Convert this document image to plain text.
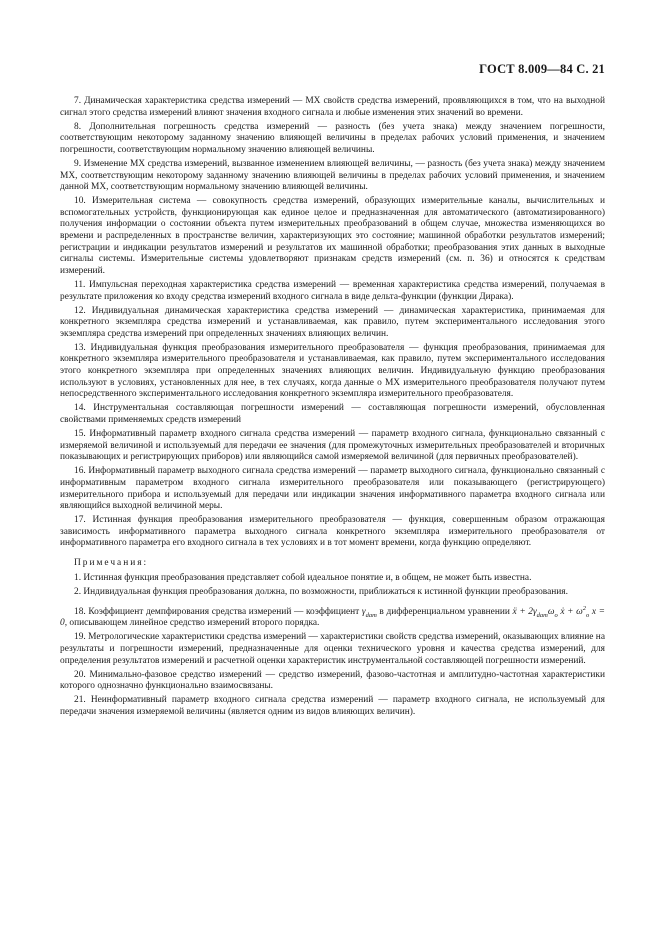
ГОСТ 8.009—84 С. 21

7. Динамическая характеристика средства измерений — МХ свойств средства измерений, проявляющихся в том, что на выходной сигнал этого средства измерений влияют значения входного сигнала и любые изменения этих значений во времени.

8. Дополнительная погрешность средства измерений — разность (без учета знака) между значением погрешности, соответствующим некоторому заданному значению влияющей величины в пределах рабочих условий применения, и значением погрешности, соответствующим нормальному значению влияющей величины.

9. Изменение МХ средства измерений, вызванное изменением влияющей величины, — разность (без учета знака) между значением МХ, соответствующим некоторому заданному значению влияющей величины в пределах рабочих условий применения, и значением данной МХ, соответствующим нормальному значению влияющей величины.

10. Измерительная система — совокупность средства измерений, образующих измерительные каналы, вычислительных и вспомогательных устройств, функционирующая как единое целое и предназначенная для автоматического (автоматизированного) получения информации о состоянии объекта путем измерительных преобразований в общем случае, множества изменяющихся во времени и распределенных в пространстве величин, характеризующих это состояние; машинной обработки результатов измерений; регистрации и индикации результатов измерений и результатов их машинной обработки; преобразования этих данных в выходные сигналы системы. Измерительные системы удовлетворяют признакам средств измерений (см. п. 36) и относятся к средствам измерений.

11. Импульсная переходная характеристика средства измерений — временная характеристика средства измерений, получаемая в результате приложения ко входу средства измерений входного сигнала в виде дельта-функции (функции Дирака).

12. Индивидуальная динамическая характеристика средства измерений — динамическая характеристика, принимаемая для конкретного экземпляра средства измерений и устанавливаемая, как правило, путем экспериментального исследования этого экземпляра средства измерений при определенных значениях влияющих величин.

13. Индивидуальная функция преобразования измерительного преобразователя — функция преобразования, принимаемая для конкретного экземпляра измерительного преобразователя и устанавливаемая, как правило, путем экспериментального исследования этого конкретного экземпляра при определенных значениях влияющих величин. Индивидуальную функцию преобразования используют в условиях, установленных для нее, в тех случаях, когда данные о МХ измерительного преобразователя получают путем непосредственного экспериментального исследования конкретного экземпляра измерительного преобразователя.

14. Инструментальная составляющая погрешности измерений — составляющая погрешности измерений, обусловленная свойствами применяемых средств измерений

15. Информативный параметр входного сигнала средства измерений — параметр входного сигнала, функционально связанный с измеряемой величиной и используемый для передачи ее значения (для промежуточных измерительных преобразователей и вторичных показывающих и регистрирующих приборов) или являющийся самой измеряемой величиной (для первичных преобразователей).

16. Информативный параметр выходного сигнала средства измерений — параметр выходного сигнала, функционально связанный с информативным параметром входного сигнала измерительного преобразователя или показывающего (регистрирующего) измерительного прибора и используемый для передачи или индикации значения информативного параметра входного сигнала или являющийся выходной величиной меры.

17. Истинная функция преобразования измерительного преобразователя — функция, совершенным образом отражающая зависимость информативного параметра выходного сигнала конкретного экземпляра измерительного преобразователя от информативного параметра его входного сигнала в тех условиях и в тот момент времени, когда функцию определяют.

Примечания:

1. Истинная функция преобразования представляет собой идеальное понятие и, в общем, не может быть известна.

2. Индивидуальная функция преобразования должна, по возможности, приближаться к истинной функции преобразования.

18. Коэффициент демпфирования средства измерений — коэффициент $\gamma_{dam}$ в дифференциальном уравнении ẍ + $2\gamma_{dam}\omega_o$ ẋ + $\omega^2_o$ x = 0, описывающем линейное средство измерений второго порядка.

19. Метрологические характеристики средства измерений — характеристики свойств средства измерений, оказывающих влияние на результаты и погрешности измерений, предназначенные для оценки технического уровня и качества средства измерений, для определения результатов измерений и расчетной оценки характеристик инструментальной составляющей погрешности измерений.

20. Минимально-фазовое средство измерений — средство измерений, фазово-частотная и амплитудно-частотная характеристики которого однозначно функционально взаимосвязаны.

21. Неинформативный параметр входного сигнала средства измерений — параметр входного сигнала, не используемый для передачи значения измеряемой величины (является одним из видов влияющих величин).
